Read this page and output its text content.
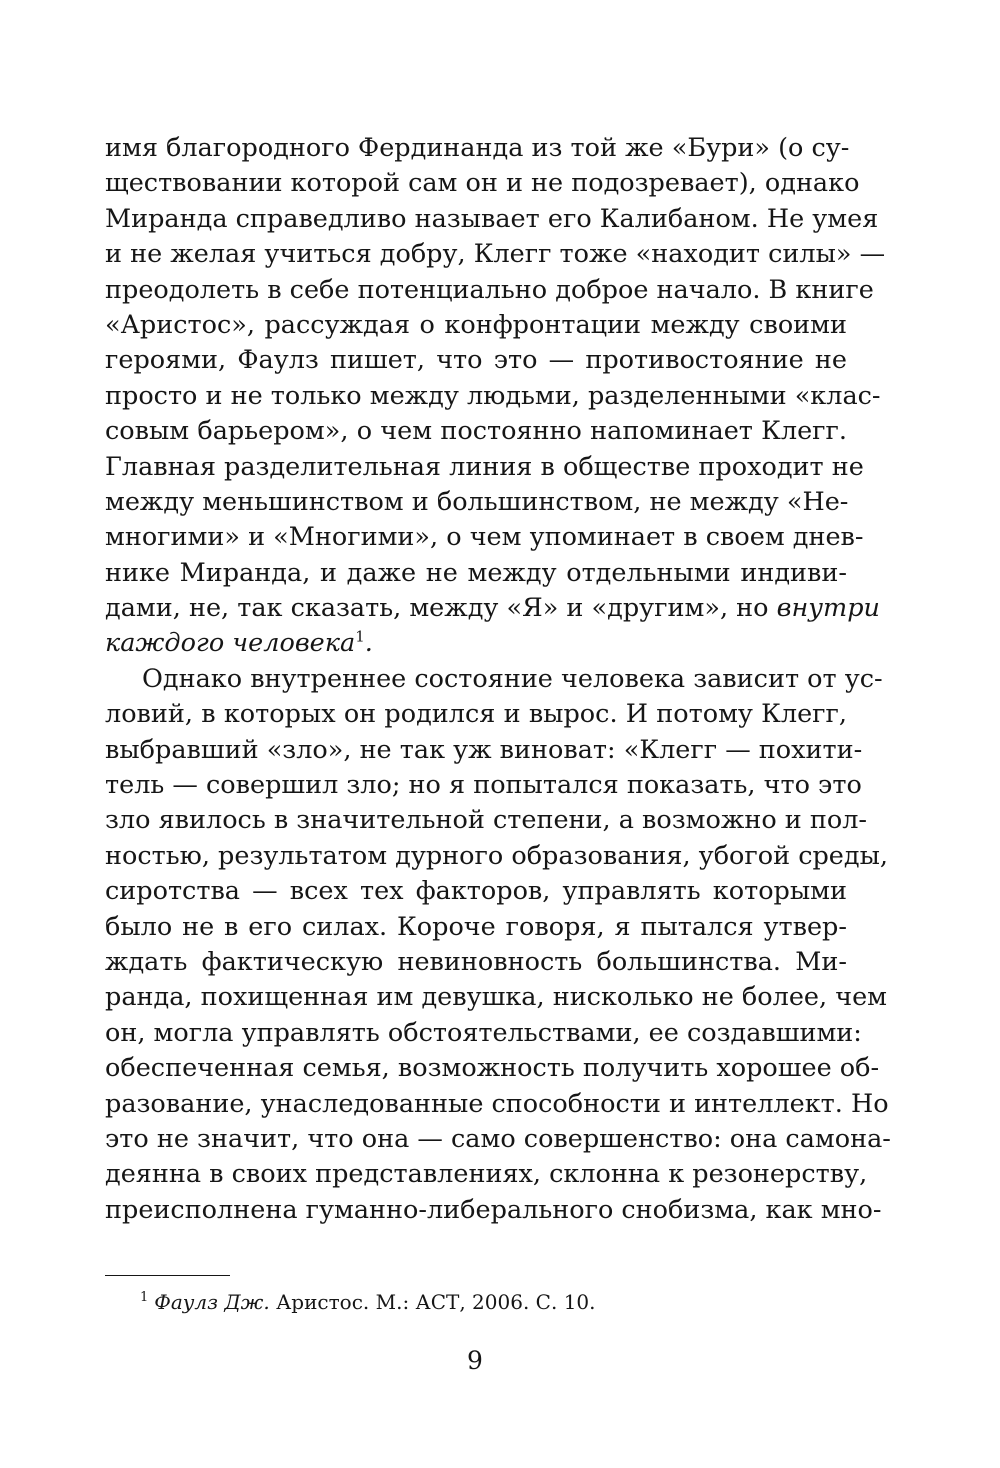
имя благородного Фердинанда из той же «Бури» (о су-
ществовании которой сам он и не подозревает), однако
Миранда справедливо называет его Калибаном. Не умея
и не желая учиться добру, Клегг тоже «находит силы» —
преодолеть в себе потенциально доброе начало. В книге
«Аристос», рассуждая о конфронтации между своими
героями, Фаулз пишет, что это — противостояние не
просто и не только между людьми, разделенными «клас-
совым барьером», о чем постоянно напоминает Клегг.
Главная разделительная линия в обществе проходит не
между меньшинством и большинством, не между «Не-
многими» и «Многими», о чем упоминает в своем днев-
нике Миранда, и даже не между отдельными индиви-
дами, не, так сказать, между «Я» и «другим», но внутри
каждого человека$^1$.
Однако внутреннее состояние человека зависит от ус-
ловий, в которых он родился и вырос. И потому Клегг,
выбравший «зло», не так уж виноват: «Клегг — похити-
тель — совершил зло; но я попытался показать, что это
зло явилось в значительной степени, а возможно и пол-
ностью, результатом дурного образования, убогой среды,
сиротства — всех тех факторов, управлять которыми
было не в его силах. Короче говоря, я пытался утвер-
ждать фактическую невиновность большинства. Ми-
ранда, похищенная им девушка, нисколько не более, чем
он, могла управлять обстоятельствами, ее создавшими:
обеспеченная семья, возможность получить хорошее об-
разование, унаследованные способности и интеллект. Но
это не значит, что она — само совершенство: она самона-
деянна в своих представлениях, склонна к резонерству,
преисполнена гуманно-либерального снобизма, как мно-
$^1$ Фаулз Дж. Аристос. М.: АСТ, 2006. С. 10.
9
